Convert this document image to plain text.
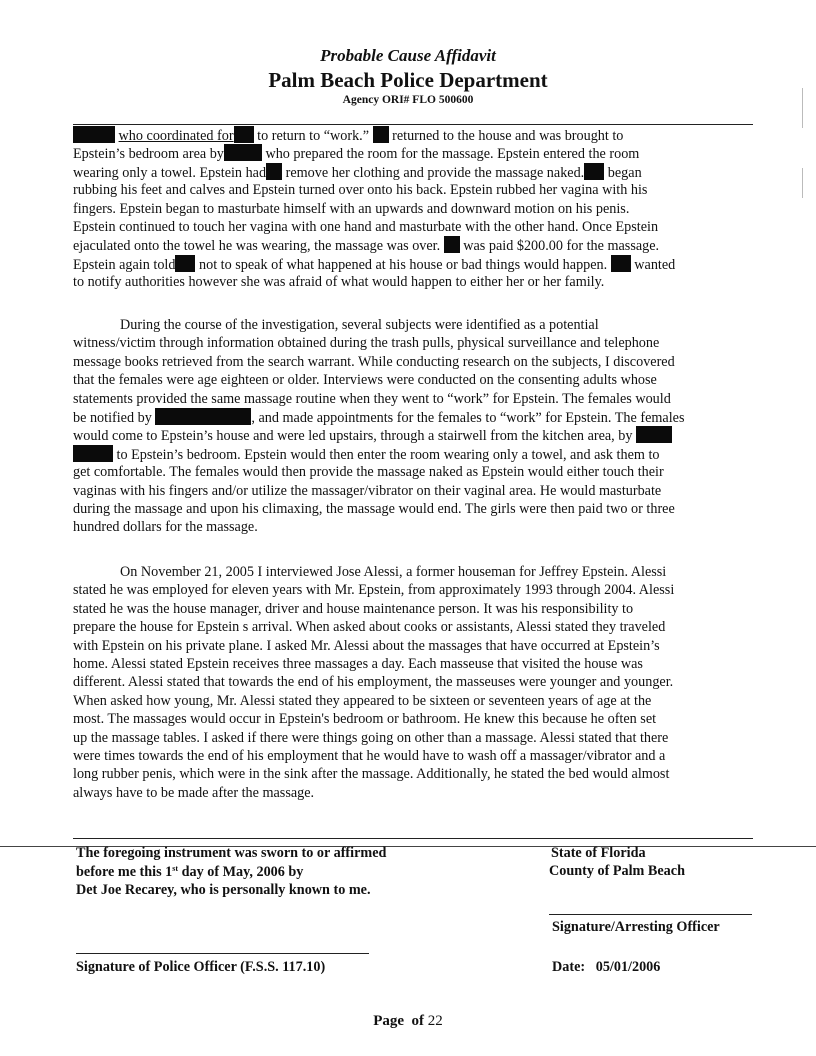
Probable Cause Affidavit
Palm Beach Police Department
Agency ORI# FLO 500600
who coordinated for to return to “work.” returned to the house and was brought to
Epstein’s bedroom area by	who prepared the room for the massage. Epstein entered the room
wearing only a towel. Epstein had remove her clothing and provide the massage naked. began
rubbing his feet and calves and Epstein turned over onto his back. Epstein rubbed her vagina with his
fingers. Epstein began to masturbate himself with an upwards and downward motion on his penis.
Epstein continued to touch her vagina with one hand and masturbate with the other hand. Once Epstein
ejaculated onto the towel he was wearing, the massage was over. was paid $200.00 for the massage.
Epstein again told not to speak of what happened at his house or bad things would happen. wanted
to notify authorities however she was afraid of what would happen to either her or her family.
During the course of the investigation, several subjects were identified as a potential
witness/victim through information obtained during the trash pulls, physical surveillance and telephone
message books retrieved from the search warrant. While conducting research on the subjects, I discovered
that the females were age eighteen or older. Interviews were conducted on the consenting adults whose
statements provided the same massage routine when they went to “work” for Epstein. The females would
be notified by	, and made appointments for the females to “work” for Epstein. The females
would come to Epstein’s house and were led upstairs, through a stairwell from the kitchen area, by
to Epstein’s bedroom. Epstein would then enter the room wearing only a towel, and ask them to
get comfortable. The females would then provide the massage naked as Epstein would either touch their
vaginas with his fingers and/or utilize the massager/vibrator on their vaginal area. He would masturbate
during the massage and upon his climaxing, the massage would end. The girls were then paid two or three
hundred dollars for the massage.
On November 21, 2005 I interviewed Jose Alessi, a former houseman for Jeffrey Epstein. Alessi
stated he was employed for eleven years with Mr. Epstein, from approximately 1993 through 2004. Alessi
stated he was the house manager, driver and house maintenance person. It was his responsibility to
prepare the house for Epstein s arrival. When asked about cooks or assistants, Alessi stated they traveled
with Epstein on his private plane. I asked Mr. Alessi about the massages that have occurred at Epstein’s
home. Alessi stated Epstein receives three massages a day. Each masseuse that visited the house was
different. Alessi stated that towards the end of his employment, the masseuses were younger and younger.
When asked how young, Mr. Alessi stated they appeared to be sixteen or seventeen years of age at the
most. The massages would occur in Epstein's bedroom or bathroom. He knew this because he often set
up the massage tables. I asked if there were things going on other than a massage. Alessi stated that there
were times towards the end of his employment that he would have to wash off a massager/vibrator and a
long rubber penis, which were in the sink after the massage. Additionally, he stated the bed would almost
always have to be made after the massage.
The foregoing instrument was sworn to or affirmed
before me this 1st day of May, 2006 by
Det Joe Recarey, who is personally known to me.
State of Florida
County of Palm Beach
Signature/Arresting Officer
Signature of Police Officer (F.S.S. 117.10)	Date: 05/01/2006
Page of 22
